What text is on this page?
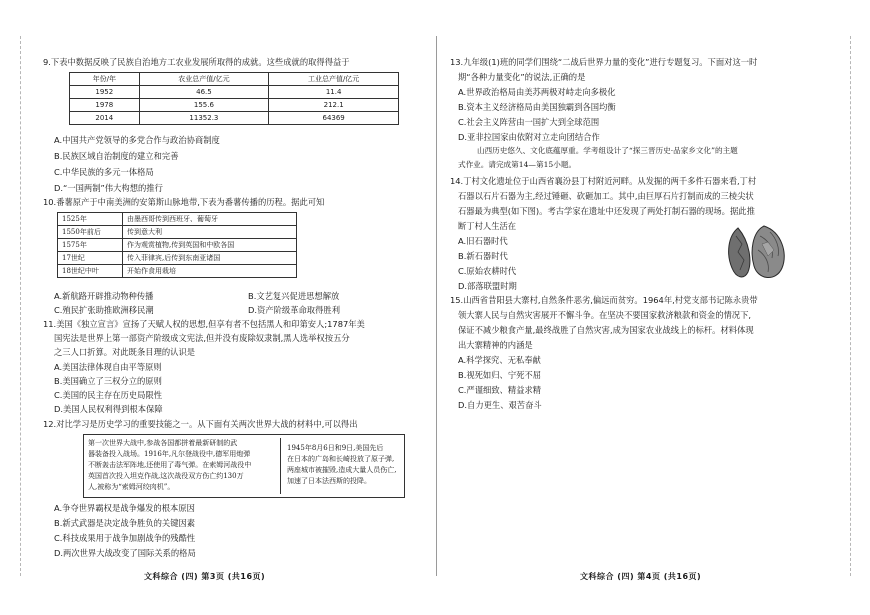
9.下表中数据反映了民族自治地方工农业发展所取得的成就。这些成就的取得得益于
年份/年	农业总产值/亿元	工业总产值/亿元
1952	46.5	11.4
1978	155.6	212.1
2014	11352.3	64369
A.中国共产党领导的多党合作与政治协商制度
B.民族区域自治制度的建立和完善
C.中华民族的多元一体格局
D.“一国两制”伟大构想的推行
10.番薯原产于中南美洲的安第斯山脉地带,下表为番薯传播的历程。据此可知
1525年	由墨西哥传到西班牙、葡萄牙
1550年前后	传到意大利
1575年	作为观赏植物,传到英国和中欧各国
17世纪	传入菲律宾,后传到东南亚诸国
18世纪中叶	开始作食用栽培
A.新航路开辟推动物种传播	B.文艺复兴促进思想解放
C.殖民扩张助推欧洲移民潮	D.资产阶级革命取得胜利
11.美国《独立宣言》宣扬了天赋人权的思想,但享有者不包括黑人和印第安人;1787年美
国宪法是世界上第一部资产阶级成文宪法,但并没有废除奴隶制,黑人选举权按五分
之三人口折算。对此既条目理的认识是
A.美国法律体现自由平等原则
B.美国确立了三权分立的原则
C.美国的民主存在历史局限性
D.美国人民权利得到根本保障
12.对比学习是历史学习的重要技能之一。从下面有关两次世界大战的材料中,可以得出
第一次世界大战中,参战各国都拼着最新研制的武
器装备投入战场。1916年,凡尔登战役中,德军用炮弹
不断轰击法军阵地,还使用了毒气弹。在索姆河战役中
英国首次投入坦克作战,这次战役双方伤亡约130万
人,被称为“索姆河绞肉机”。
1945年8月6日和9日,美国先后
在日本的广岛和长崎投放了原子弹,
两座城市被摧毁,造成大量人员伤亡,
加速了日本法西斯的投降。
A.争夺世界霸权是战争爆发的根本原因
B.新式武器是决定战争胜负的关键因素
C.科技成果用于战争加剧战争的残酷性
D.两次世界大战改变了国际关系的格局
文科综合 (四) 第3页 (共16页)
13.九年级(1)班的同学们围绕“二战后世界力量的变化”进行专题复习。下面对这一时
期“各种力量变化”的说法,正确的是
A.世界政治格局由美苏两极对峙走向多极化
B.资本主义经济格局由美国独霸到各国均衡
C.社会主义阵营由一国扩大到全球范围
D.亚非拉国家由依附对立走向团结合作
山西历史悠久、文化底蕴厚重。学考组设计了“探三晋历史·品家乡文化”的主题
式作业。请完成第14—第15小题。
14.丁村文化遗址位于山西省襄汾县丁村附近河畔。从发掘的两千多件石器来看,丁村
石器以石片石器为主,经过锤砸、砍砸加工。其中,由巨厚石片打制而成的三棱尖状
石器最为典型(如下图)。考古学家在遗址中还发现了两处打制石器的现场。据此推
断丁村人生活在
A.旧石器时代
B.新石器时代
C.原始农耕时代
D.部落联盟时期
15.山西省昔阳县大寨村,自然条件恶劣,偏远而贫穷。1964年,村党支部书记陈永贵带
领大寨人民与自然灾害展开不懈斗争。在坚决不要国家救济粮款和资金的情况下,
保证不减少粮食产量,最终战胜了自然灾害,成为国家农业战线上的标杆。材料体现
出大寨精神的内涵是
A.科学探究、无私奉献
B.视死如归、宁死不屈
C.严谨细致、精益求精
D.自力更生、艰苦奋斗
文科综合 (四) 第4页 (共16页)
